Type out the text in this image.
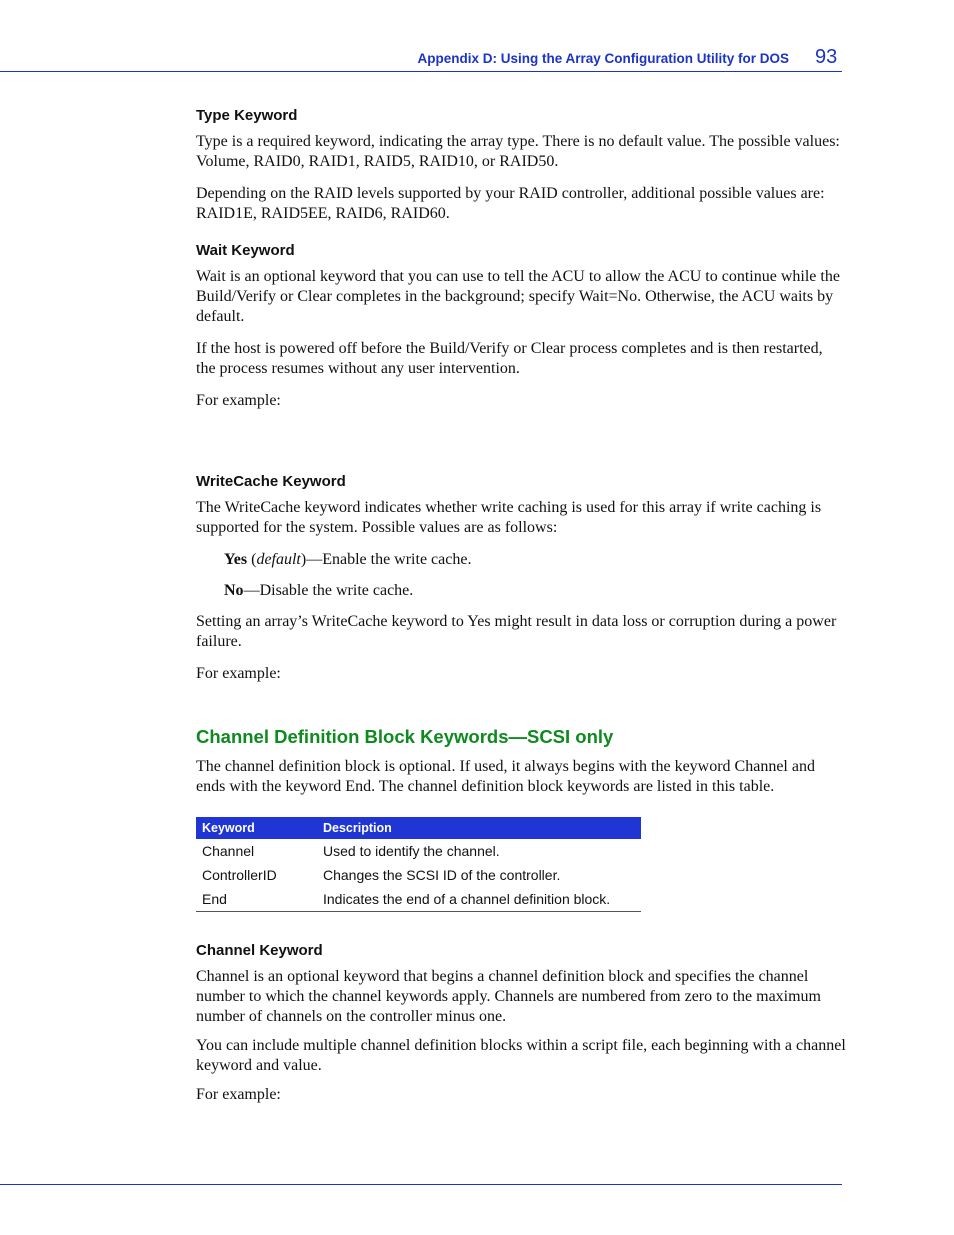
Appendix D: Using the Array Configuration Utility for DOS 93
Type Keyword

Type is a required keyword, indicating the array type. There is no default value. The possible values: Volume, RAID0, RAID1, RAID5, RAID10, or RAID50.

Depending on the RAID levels supported by your RAID controller, additional possible values are: RAID1E, RAID5EE, RAID6, RAID60.

Wait Keyword

Wait is an optional keyword that you can use to tell the ACU to allow the ACU to continue while the Build/Verify or Clear completes in the background; specify Wait=No. Otherwise, the ACU waits by default.

If the host is powered off before the Build/Verify or Clear process completes and is then restarted, the process resumes without any user intervention.

For example:

WriteCache Keyword

The WriteCache keyword indicates whether write caching is used for this array if write caching is supported for the system. Possible values are as follows:

Yes (default)—Enable the write cache.

No—Disable the write cache.

Setting an array’s WriteCache keyword to Yes might result in data loss or corruption during a power failure.

For example:

Channel Definition Block Keywords—SCSI only

The channel definition block is optional. If used, it always begins with the keyword Channel and ends with the keyword End. The channel definition block keywords are listed in this table.

Keyword	Description
Channel	Used to identify the channel.
ControllerID	Changes the SCSI ID of the controller.
End	Indicates the end of a channel definition block.
Channel Keyword

Channel is an optional keyword that begins a channel definition block and specifies the channel number to which the channel keywords apply. Channels are numbered from zero to the maximum number of channels on the controller minus one.

You can include multiple channel definition blocks within a script file, each beginning with a channel keyword and value.

For example:
